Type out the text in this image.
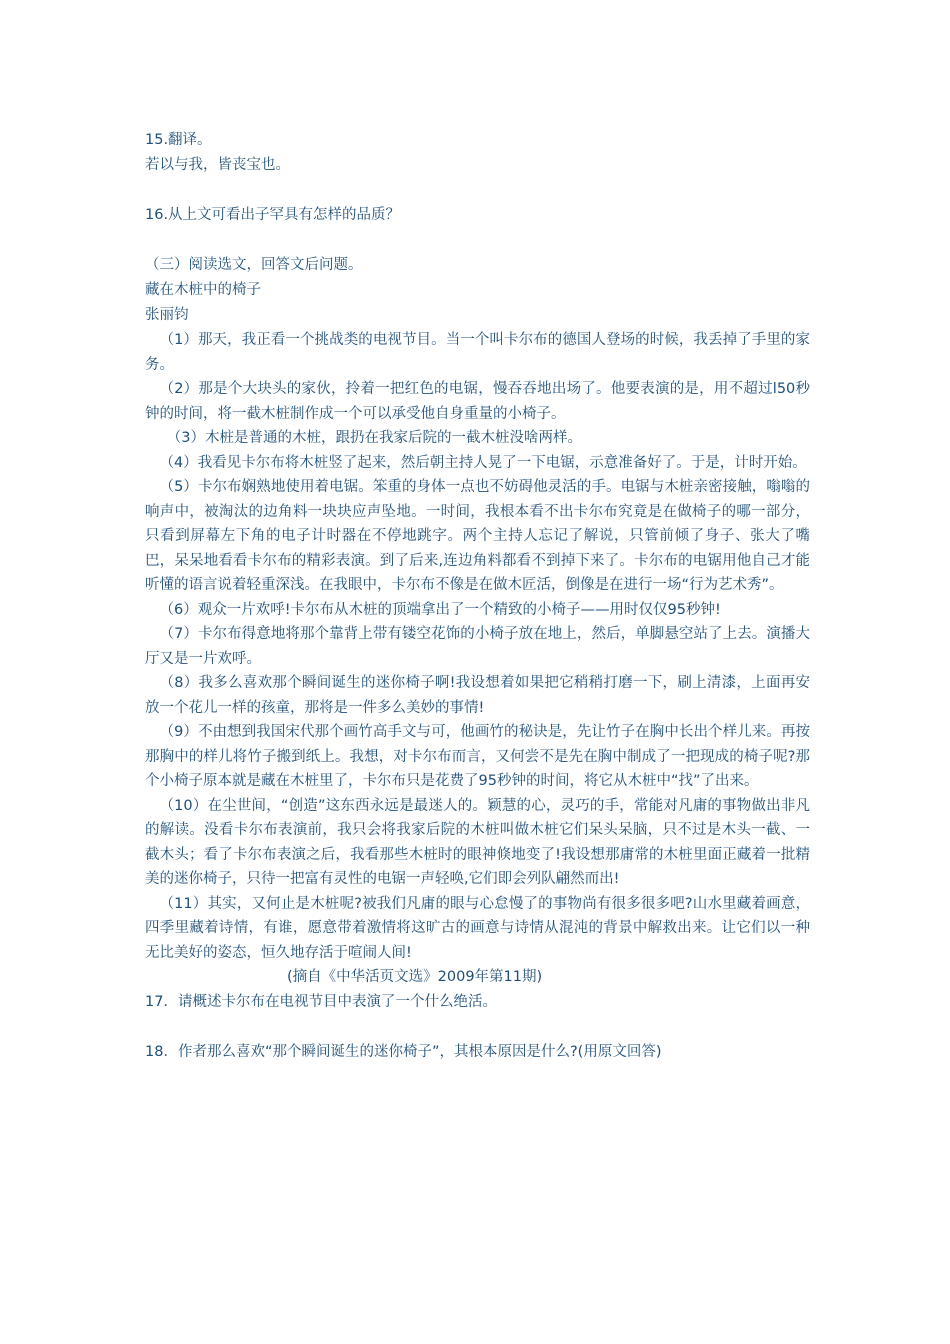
15.翻译。
若以与我，皆丧宝也。
16.从上文可看出子罕具有怎样的品质？
（三）阅读选文，回答文后问题。
藏在木桩中的椅子
张丽钧
（1）那天，我正看一个挑战类的电视节目。当一个叫卡尔布的德国人登场的时候，我丢掉了手里的家务。
（2）那是个大块头的家伙，拎着一把红色的电锯，慢吞吞地出场了。他要表演的是，用不超过l50秒钟的时间，将一截木桩制作成一个可以承受他自身重量的小椅子。
（3）木桩是普通的木桩，跟扔在我家后院的一截木桩没啥两样。
（4）我看见卡尔布将木桩竖了起来，然后朝主持人晃了一下电锯，示意准备好了。于是，计时开始。
（5）卡尔布娴熟地使用着电锯。笨重的身体一点也不妨碍他灵活的手。电锯与木桩亲密接触，嗡嗡的响声中，被淘汰的边角料一块块应声坠地。一时间，我根本看不出卡尔布究竟是在做椅子的哪一部分，只看到屏幕左下角的电子计时器在不停地跳字。两个主持人忘记了解说，只管前倾了身子、张大了嘴巴，呆呆地看看卡尔布的精彩表演。到了后来,连边角料都看不到掉下来了。卡尔布的电锯用他自己才能听懂的语言说着轻重深浅。在我眼中，卡尔布不像是在做木匠活，倒像是在进行一场“行为艺术秀”。
（6）观众一片欢呼!卡尔布从木桩的顶端拿出了一个精致的小椅子——用时仅仅95秒钟!
（7）卡尔布得意地将那个靠背上带有镂空花饰的小椅子放在地上，然后，单脚悬空站了上去。演播大厅又是一片欢呼。
（8）我多么喜欢那个瞬间诞生的迷你椅子啊!我设想着如果把它稍稍打磨一下，刷上清漆，上面再安放一个花儿一样的孩童，那将是一件多么美妙的事情!
（9）不由想到我国宋代那个画竹高手文与可，他画竹的秘诀是，先让竹子在胸中长出个样儿来。再按那胸中的样儿将竹子搬到纸上。我想，对卡尔布而言，又何尝不是先在胸中制成了一把现成的椅子呢?那个小椅子原本就是藏在木桩里了，卡尔布只是花费了95秒钟的时间，将它从木桩中“找”了出来。
（10）在尘世间，“创造”这东西永远是最迷人的。颖慧的心，灵巧的手，常能对凡庸的事物做出非凡的解读。没看卡尔布表演前，我只会将我家后院的木桩叫做木桩它们呆头呆脑，只不过是木头一截、一截木头；看了卡尔布表演之后，我看那些木桩时的眼神倏地变了!我设想那庸常的木桩里面正藏着一批精美的迷你椅子，只待一把富有灵性的电锯一声轻唤,它们即会列队翩然而出!
（11）其实，又何止是木桩呢?被我们凡庸的眼与心怠慢了的事物尚有很多很多吧?山水里藏着画意，四季里藏着诗情，有谁，愿意带着激情将这旷古的画意与诗情从混沌的背景中解救出来。让它们以一种无比美好的姿态，恒久地存活于喧闹人间!
(摘自《中华活页文选》2009年第11期)
17．请概述卡尔布在电视节目中表演了一个什么绝活。
18．作者那么喜欢“那个瞬间诞生的迷你椅子”，其根本原因是什么?(用原文回答)
